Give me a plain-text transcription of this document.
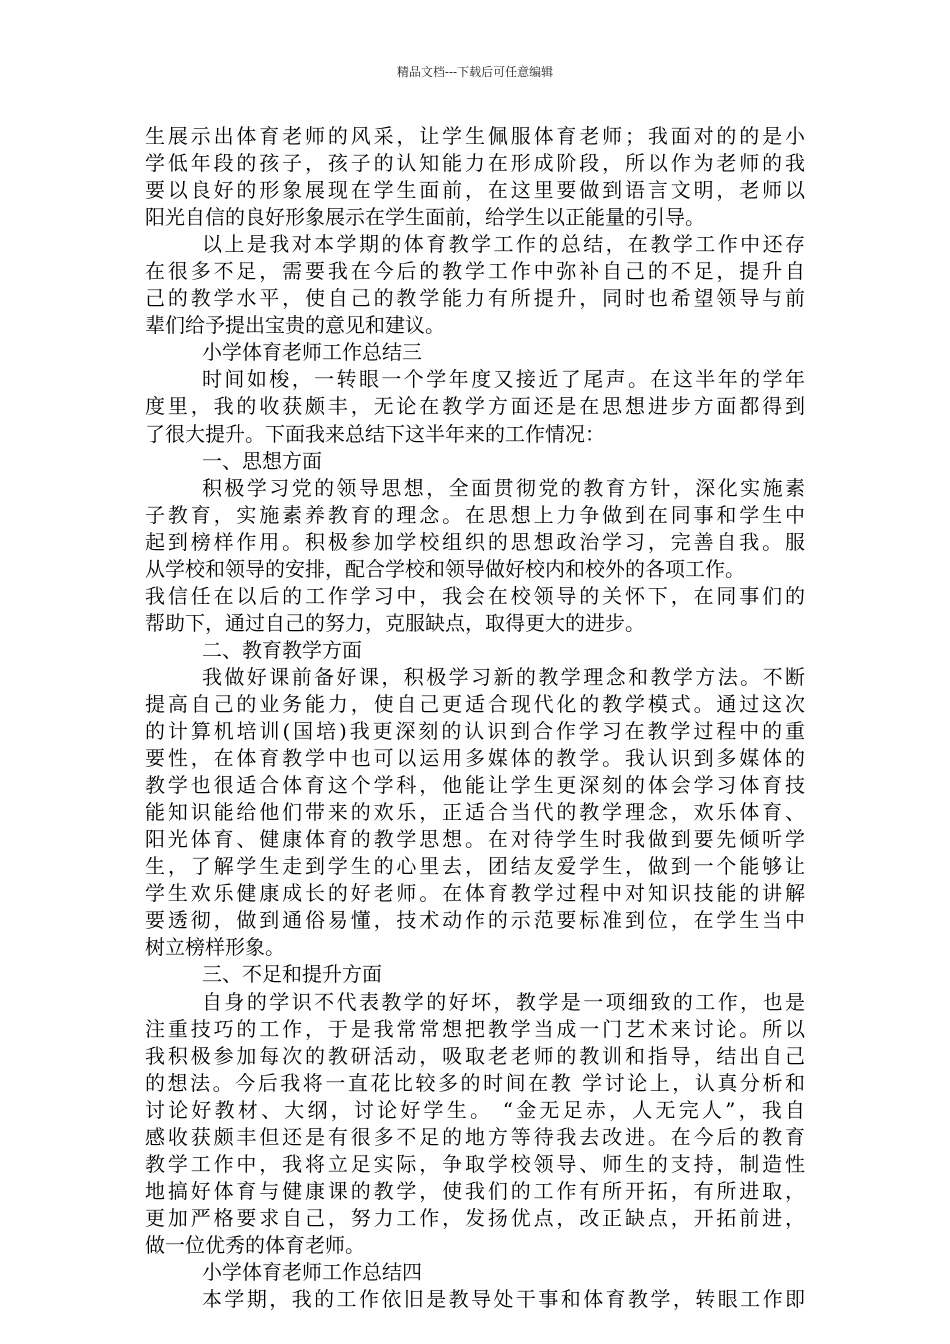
精品文档---下载后可任意编辑
生展示出体育老师的风采，让学生佩服体育老师；我面对的的是小
学低年段的孩子，孩子的认知能力在形成阶段，所以作为老师的我
要以良好的形象展现在学生面前，在这里要做到语言文明，老师以
阳光自信的良好形象展示在学生面前，给学生以正能量的引导。
以上是我对本学期的体育教学工作的总结，在教学工作中还存
在很多不足，需要我在今后的教学工作中弥补自己的不足，提升自
己的教学水平，使自己的教学能力有所提升，同时也希望领导与前
辈们给予提出宝贵的意见和建议。
小学体育老师工作总结三
时间如梭，一转眼一个学年度又接近了尾声。在这半年的学年
度里，我的收获颇丰，无论在教学方面还是在思想进步方面都得到
了很大提升。下面我来总结下这半年来的工作情况：
一、思想方面
积极学习党的领导思想，全面贯彻党的教育方针，深化实施素
子教育，实施素养教育的理念。在思想上力争做到在同事和学生中
起到榜样作用。积极参加学校组织的思想政治学习，完善自我。服
从学校和领导的安排，配合学校和领导做好校内和校外的各项工作。
我信任在以后的工作学习中，我会在校领导的关怀下，在同事们的
帮助下，通过自己的努力，克服缺点，取得更大的进步。
二、教育教学方面
我做好课前备好课，积极学习新的教学理念和教学方法。不断
提高自己的业务能力，使自己更适合现代化的教学模式。通过这次
的计算机培训(国培)我更深刻的认识到合作学习在教学过程中的重
要性，在体育教学中也可以运用多媒体的教学。我认识到多媒体的
教学也很适合体育这个学科，他能让学生更深刻的体会学习体育技
能知识能给他们带来的欢乐，正适合当代的教学理念，欢乐体育、
阳光体育、健康体育的教学思想。在对待学生时我做到要先倾听学
生，了解学生走到学生的心里去，团结友爱学生，做到一个能够让
学生欢乐健康成长的好老师。在体育教学过程中对知识技能的讲解
要透彻，做到通俗易懂，技术动作的示范要标准到位，在学生当中
树立榜样形象。
三、不足和提升方面
自身的学识不代表教学的好坏，教学是一项细致的工作，也是
注重技巧的工作，于是我常常想把教学当成一门艺术来讨论。所以
我积极参加每次的教研活动，吸取老老师的教训和指导，结出自己
的想法。今后我将一直花比较多的时间在教 学讨论上，认真分析和
讨论好教材、大纲，讨论好学生。 “金无足赤，人无完人”，我自
感收获颇丰但还是有很多不足的地方等待我去改进。在今后的教育
教学工作中，我将立足实际，争取学校领导、师生的支持，制造性
地搞好体育与健康课的教学，使我们的工作有所开拓，有所进取，
更加严格要求自己，努力工作，发扬优点，改正缺点，开拓前进，
做一位优秀的体育老师。
小学体育老师工作总结四
本学期，我的工作依旧是教导处干事和体育教学，转眼工作即
